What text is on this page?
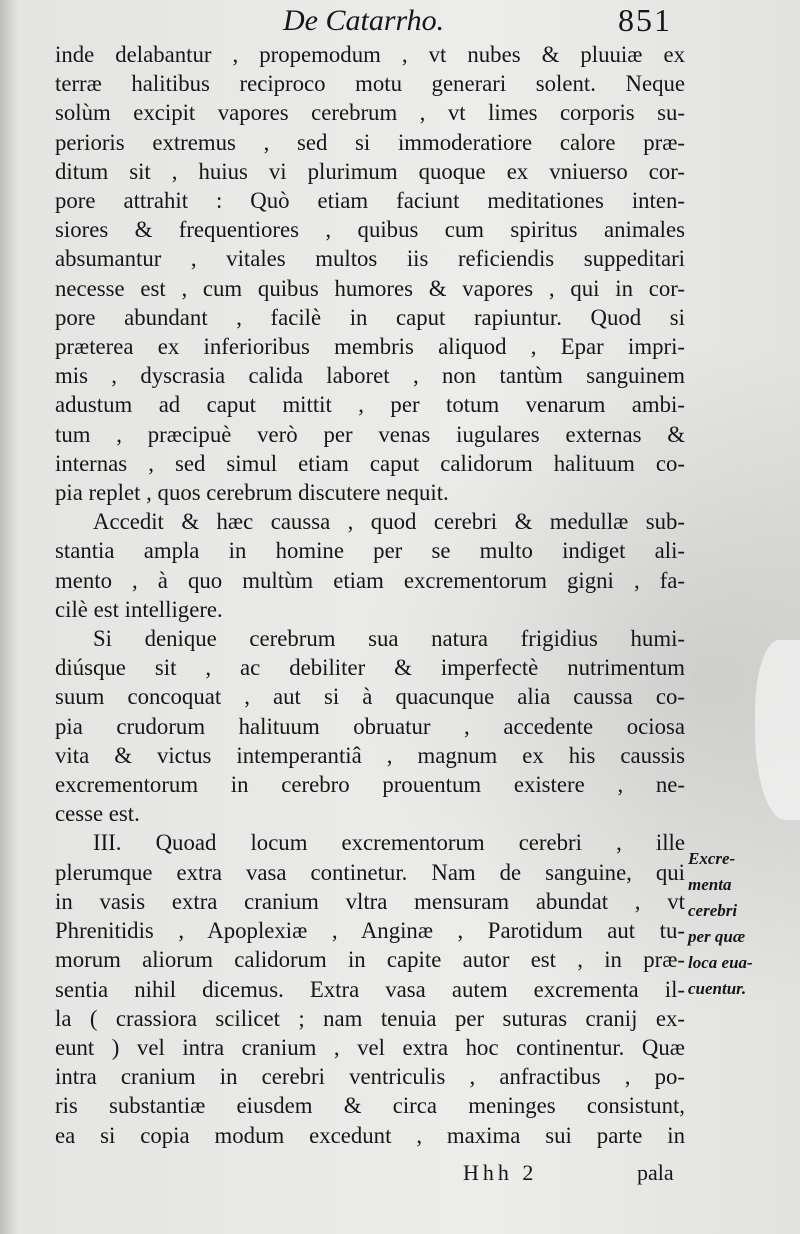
De Catarrho.	851
inde delabantur , propemodum , vt nubes & pluuiæ ex
terræ halitibus reciproco motu generari solent. Neque
solùm excipit vapores cerebrum , vt limes corporis su-
perioris extremus , sed si immoderatiore calore præ-
ditum sit , huius vi plurimum quoque ex vniuerso cor-
pore attrahit : Quò etiam faciunt meditationes inten-
siores & frequentiores , quibus cum spiritus animales
absumantur , vitales multos iis reficiendis suppeditari
necesse est , cum quibus humores & vapores , qui in cor-
pore abundant , facilè in caput rapiuntur. Quod si
præterea ex inferioribus membris aliquod , Epar impri-
mis , dyscrasia calida laboret , non tantùm sanguinem
adustum ad caput mittit , per totum venarum ambi-
tum , præcipuè verò per venas iugulares externas &
internas , sed simul etiam caput calidorum halituum co-
pia replet , quos cerebrum discutere nequit.
Accedit & hæc caussa , quod cerebri & medullæ sub-
stantia ampla in homine per se multo indiget ali-
mento , à quo multùm etiam excrementorum gigni , fa-
cilè est intelligere.
Si denique cerebrum sua natura frigidius humi-
diúsque sit , ac debiliter & imperfectè nutrimentum
suum concoquat , aut si à quacunque alia caussa co-
pia crudorum halituum obruatur , accedente ociosa
vita & victus intemperantiâ , magnum ex his caussis
excrementorum in cerebro prouentum existere , ne-
cesse est.
III. Quoad locum excrementorum cerebri , ille
plerumque extra vasa continetur. Nam de sanguine, qui
in vasis extra cranium vltra mensuram abundat , vt
Phrenitidis , Apoplexiæ , Anginæ , Parotidum aut tu-
morum aliorum calidorum in capite autor est , in præ-
sentia nihil dicemus. Extra vasa autem excrementa il-
la ( crassiora scilicet ; nam tenuia per suturas cranij ex-
eunt ) vel intra cranium , vel extra hoc continentur. Quæ
intra cranium in cerebri ventriculis , anfractibus , po-
ris substantiæ eiusdem & circa meninges consistunt,
ea si copia modum excedunt , maxima sui parte in
Excre-
menta
cerebri
per quæ
loca eua-
cuentur.
Hhh 2	pala
